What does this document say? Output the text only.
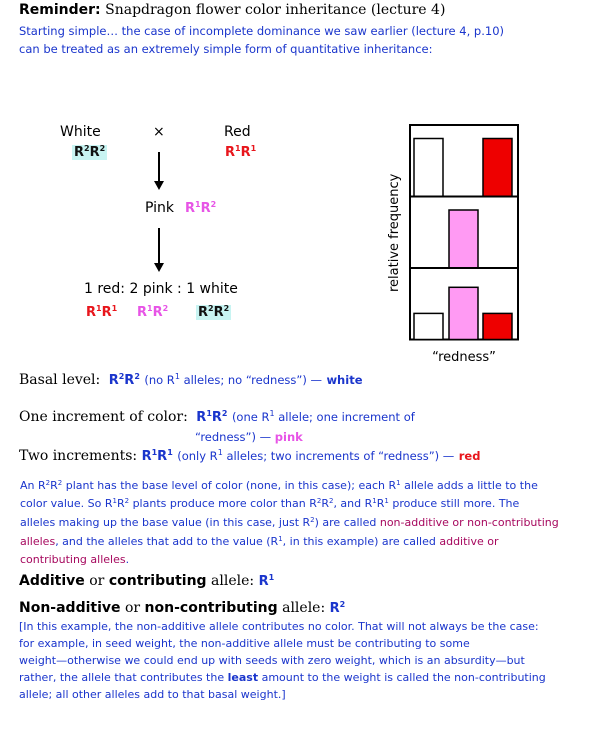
Reminder: Snapdragon flower color inheritance (lecture 4)
Starting simple… the case of incomplete dominance we saw earlier (lecture 4, p.10)
can be treated as an extremely simple form of quantitative inheritance:
White	×	Red
$R^2R^2$	$R^1R^1$
Pink $R^1R^2$
1 red: 2 pink : 1 white
$R^1R^1$ $R^1R^2$ $R^2R^2$
relative frequency
“redness”
Basal level: $R^2R^2$ (no $R^1$ alleles; no “redness”) — white
One increment of color: $R^1R^2$ (one $R^1$ allele; one increment of
“redness”) — pink
Two increments: $R^1R^1$ (only $R^1$ alleles; two increments of “redness”) — red

An $R^2R^2$ plant has the base level of color (none, in this case); each $R^1$ allele adds a little to the

color value. So $R^1R^2$ plants produce more color than $R^2R^2$, and $R^1R^1$ produce still more. The

alleles making up the base value (in this case, just $R^2$) are called non-additive or non-contributing

alleles, and the alleles that add to the value ($R^1$, in this example) are called additive or

contributing alleles.

Additive or contributing allele: $R^1$
Non-additive or non-contributing allele: $R^2$
[In this example, the non-additive allele contributes no color. That will not always be the case:
for example, in seed weight, the non-additive allele must be contributing to some
weight—otherwise we could end up with seeds with zero weight, which is an absurdity—but
rather, the allele that contributes the least amount to the weight is called the non-contributing
allele; all other alleles add to that basal weight.]
